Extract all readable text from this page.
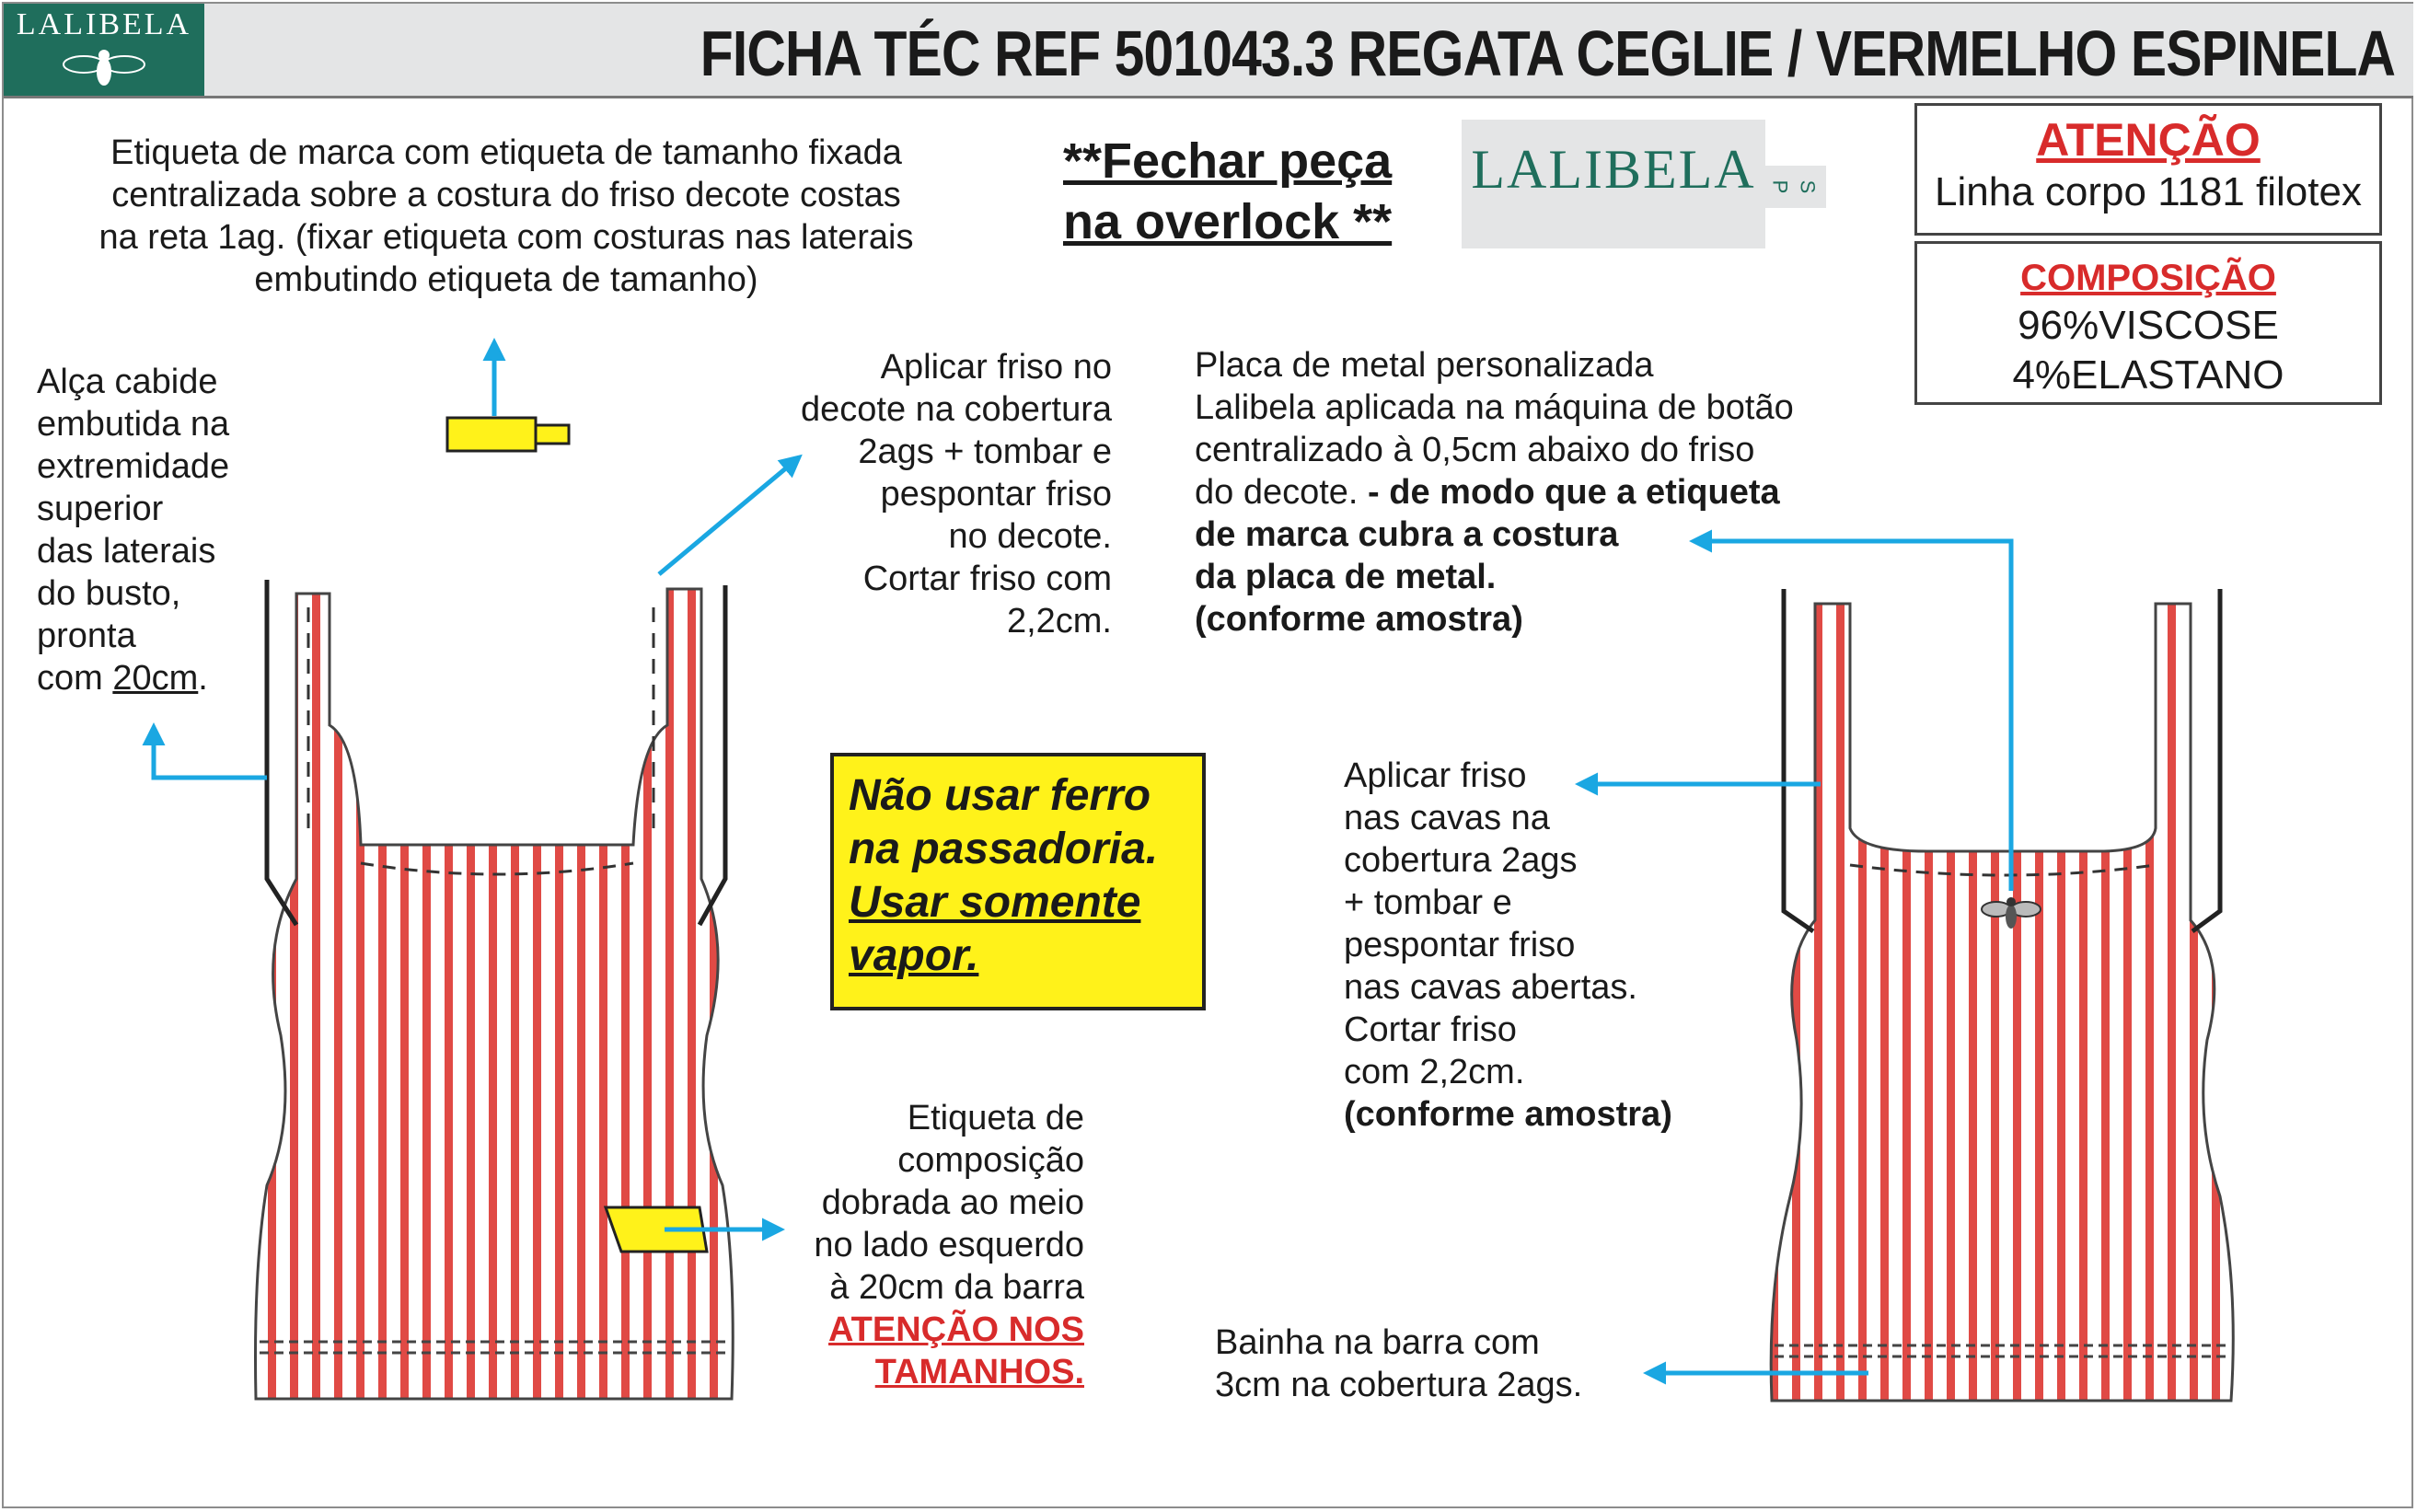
LALIBELA	FICHA TÉC REF 501043.3 REGATA CEGLIE / VERMELHO ESPINELA
Etiqueta de marca com etiqueta de tamanho fixada
centralizada sobre a costura do friso decote costas
na reta 1ag. (fixar etiqueta com costuras nas laterais
embutindo etiqueta de tamanho)
**Fechar peça
na overlock **
LALIBELA P S
ATENÇÃO
Linha corpo 1181 filotex
COMPOSIÇÃO
96%VISCOSE
4%ELASTANO
Alça cabide
embutida na
extremidade
superior
das laterais
do busto,
pronta
com 20cm.
Aplicar friso no
decote na cobertura
2ags + tombar e
pespontar friso
no decote.
Cortar friso com
2,2cm.
Placa de metal personalizada
Lalibela aplicada na máquina de botão
centralizado à 0,5cm abaixo do friso
do decote. - de modo que a etiqueta
de marca cubra a costura
da placa de metal.
(conforme amostra)
Não usar ferro
na passadoria.
Usar somente
vapor.
Aplicar friso
nas cavas na
cobertura 2ags
+ tombar e
pespontar friso
nas cavas abertas.
Cortar friso
com 2,2cm.
(conforme amostra)
Etiqueta de
composição
dobrada ao meio
no lado esquerdo
à 20cm da barra
ATENÇÃO NOS
TAMANHOS.
Bainha na barra com
3cm na cobertura 2ags.
